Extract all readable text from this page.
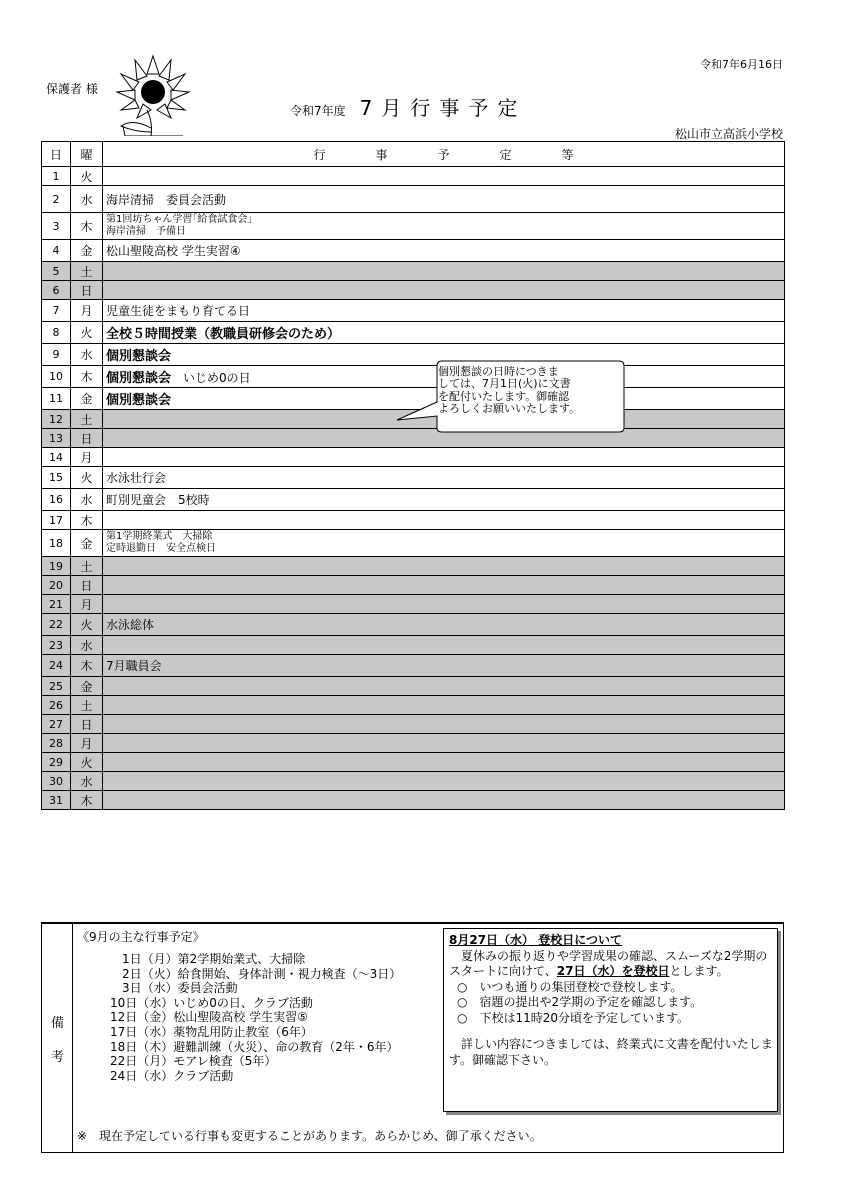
保護者 様
令和7年度 7月行事予定
令和7年6月16日
松山市立高浜小学校
日	曜	行 事 予 定 等
1	火	
2	水	海岸清掃　委員会活動
3	木	第1回坊ちゃん学習｢給食試食会｣
海岸清掃　予備日

4	金	松山聖陵高校 学生実習④
5	土	
6	日	
7	月	児童生徒をまもり育てる日
8	火	全校５時間授業（教職員研修会のため）
9	水	個別懇談会
10	木	個別懇談会　 いじめ0の日
11	金	個別懇談会
12	土	
13	日	
14	月	
15	火	水泳壮行会
16	水	町別児童会　5校時
17	木	
18	金	第1学期終業式　大掃除
定時退勤日　安全点検日

19	土	
20	日	
21	月	
22	火	水泳総体
23	水	
24	木	7月職員会
25	金	
26	土	
27	日	
28	月	
29	火	
30	水	
31	木	
個別懇談の日時につきま
しては、7月1日(火)に文書
を配付いたします。御確認
よろしくお願いいたします。
備
考
《9月の主な行事予定》
1日（月）第2学期始業式、大掃除
2日（火）給食開始、身体計測・視力検査（～3日）
3日（水）委員会活動
10日（水）いじめ0の日、クラブ活動
12日（金）松山聖陵高校 学生実習⑤
17日（水）薬物乱用防止教室（6年）
18日（木）避難訓練（火災）、命の教育（2年・6年）
22日（月）モアレ検査（5年）
24日（水）クラブ活動
8月27日（水） 登校日について
　夏休みの振り返りや学習成果の確認、スムーズな2学期のスタートに向けて、27日（水）を登校日とします。
○　いつも通りの集団登校で登校します。
○　宿題の提出や2学期の予定を確認します。
○　下校は11時20分頃を予定しています。
　詳しい内容につきましては、終業式に文書を配付いたします。御確認下さい。
※　現在予定している行事も変更することがあります。あらかじめ、御了承ください。
